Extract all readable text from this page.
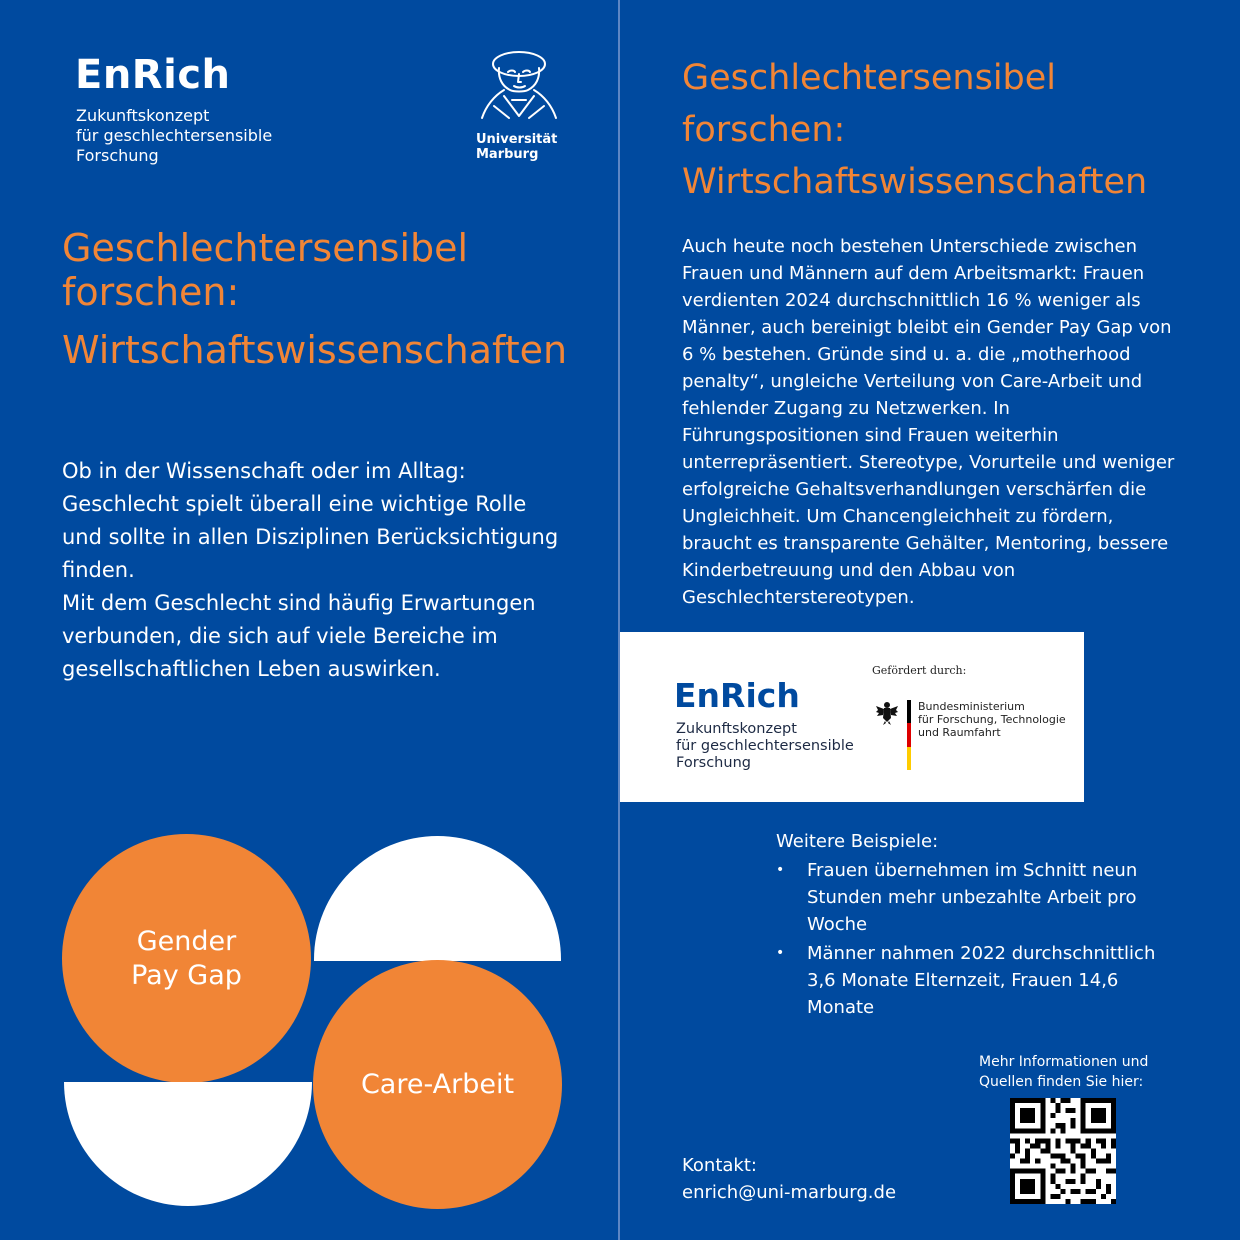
EnRich
Zukunftskonzept
für geschlechtersensible
Forschung
Universität
Marburg
Geschlechtersensibel
forschen:
Wirtschaftswissenschaften

Ob in der Wissenschaft oder im Alltag: Geschlecht spielt überall eine wichtige Rolle und sollte in allen Disziplinen Berücksichtigung finden.

Mit dem Geschlecht sind häufig Erwartungen verbunden, die sich auf viele Bereiche im gesellschaftlichen Leben auswirken.

Gender
Pay Gap
Care-Arbeit
Geschlechtersensibel
forschen:
Wirtschaftswissenschaften
Auch heute noch bestehen Unterschiede zwischen Frauen und Männern auf dem Arbeitsmarkt: Frauen verdienten 2024 durchschnittlich 16 % weniger als Männer, auch bereinigt bleibt ein Gender Pay Gap von 6 % bestehen. Gründe sind u. a. die „motherhood penalty“, ungleiche Verteilung von Care-Arbeit und fehlender Zugang zu Netzwerken. In Führungspositionen sind Frauen weiterhin unterrepräsentiert. Stereotype, Vorurteile und weniger erfolgreiche Gehaltsverhandlungen verschärfen die Ungleichheit. Um Chancengleichheit zu fördern, braucht es transparente Gehälter, Mentoring, bessere Kinderbetreuung und den Abbau von Geschlechterstereotypen.
EnRich
Zukunftskonzept
für geschlechtersensible
Forschung
Gefördert durch:
Bundesministerium
für Forschung, Technologie
und Raumfahrt
Weitere Beispiele:
• Frauen übernehmen im Schnitt neun Stunden mehr unbezahlte Arbeit pro Woche
• Männer nahmen 2022 durchschnittlich 3,6 Monate Elternzeit, Frauen 14,6 Monate
Mehr Informationen und Quellen finden Sie hier:
Kontakt:
enrich@uni-marburg.de
